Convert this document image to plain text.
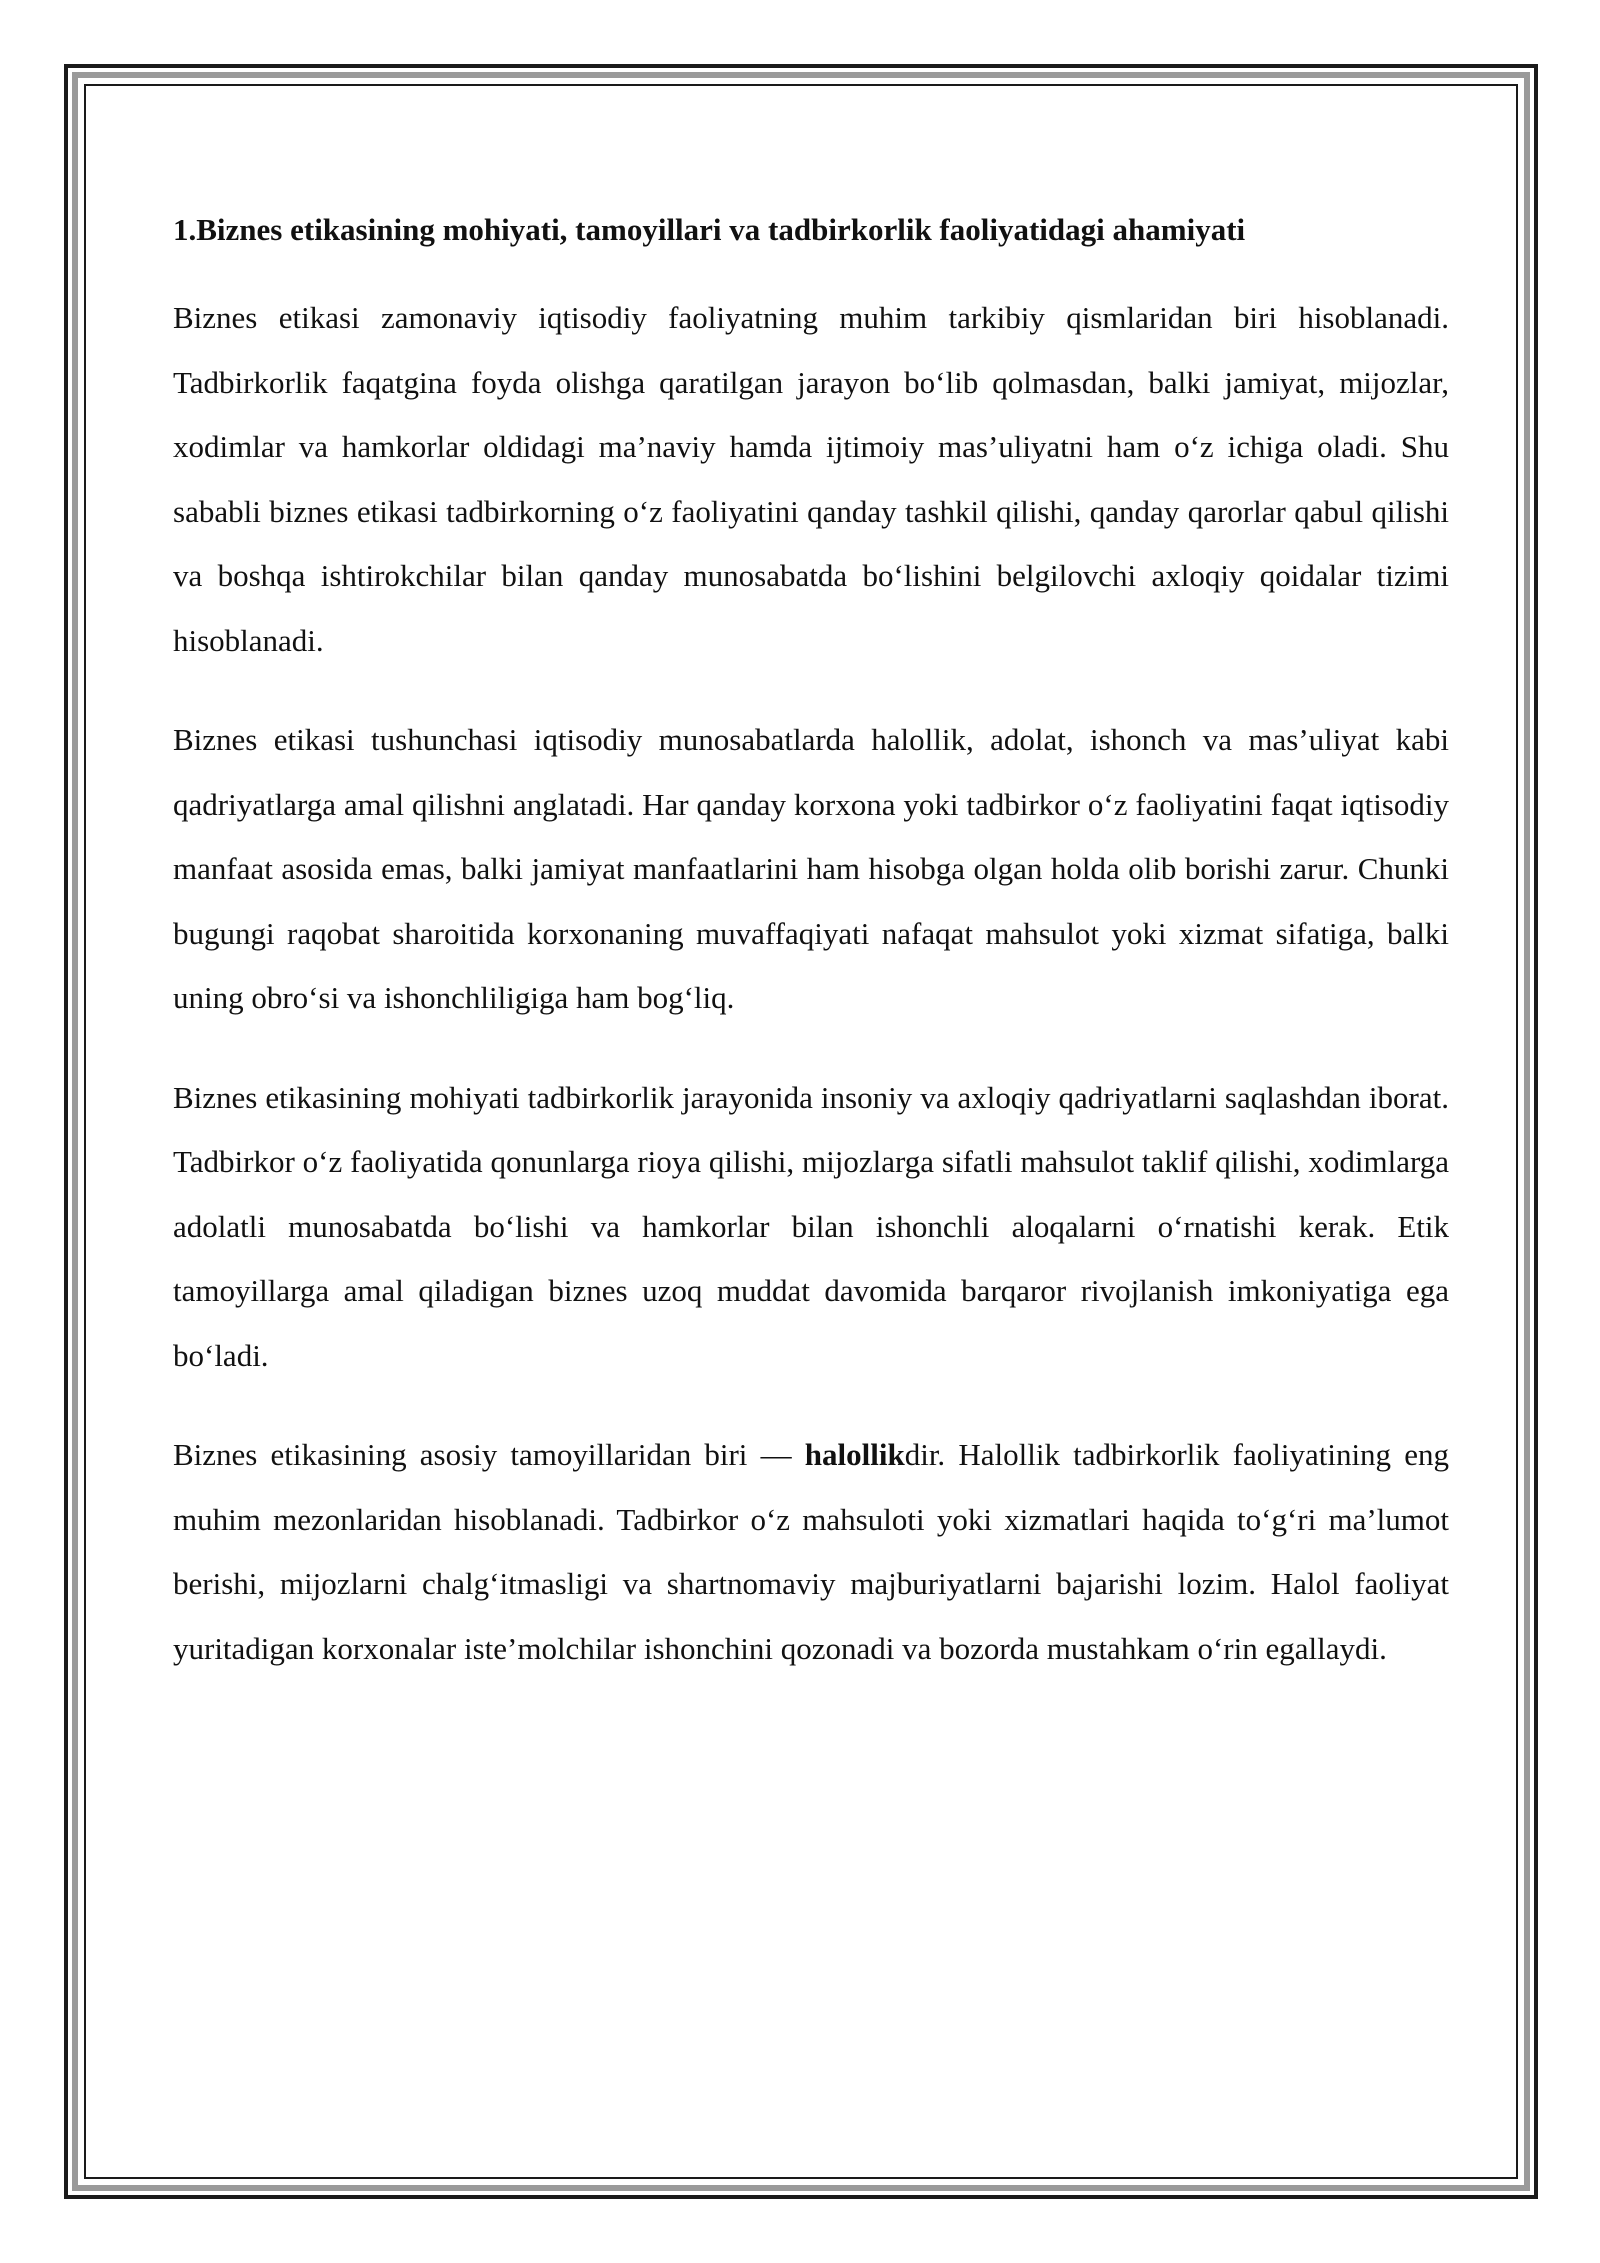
1.Biznes etikasining mohiyati, tamoyillari va tadbirkorlik faoliyatidagi ahamiyati

Biznes etikasi zamonaviy iqtisodiy faoliyatning muhim tarkibiy qismlaridan biri hisoblanadi. Tadbirkorlik faqatgina foyda olishga qaratilgan jarayon bo‘lib qolmasdan, balki jamiyat, mijozlar, xodimlar va hamkorlar oldidagi ma’naviy hamda ijtimoiy mas’uliyatni ham o‘z ichiga oladi. Shu sababli biznes etikasi tadbirkorning o‘z faoliyatini qanday tashkil qilishi, qanday qarorlar qabul qilishi va boshqa ishtirokchilar bilan qanday munosabatda bo‘lishini belgilovchi axloqiy qoidalar tizimi hisoblanadi.

Biznes etikasi tushunchasi iqtisodiy munosabatlarda halollik, adolat, ishonch va mas’uliyat kabi qadriyatlarga amal qilishni anglatadi. Har qanday korxona yoki tadbirkor o‘z faoliyatini faqat iqtisodiy manfaat asosida emas, balki jamiyat manfaatlarini ham hisobga olgan holda olib borishi zarur. Chunki bugungi raqobat sharoitida korxonaning muvaffaqiyati nafaqat mahsulot yoki xizmat sifatiga, balki uning obro‘si va ishonchliligiga ham bog‘liq.

Biznes etikasining mohiyati tadbirkorlik jarayonida insoniy va axloqiy qadriyatlarni saqlashdan iborat. Tadbirkor o‘z faoliyatida qonunlarga rioya qilishi, mijozlarga sifatli mahsulot taklif qilishi, xodimlarga adolatli munosabatda bo‘lishi va hamkorlar bilan ishonchli aloqalarni o‘rnatishi kerak. Etik tamoyillarga amal qiladigan biznes uzoq muddat davomida barqaror rivojlanish imkoniyatiga ega bo‘ladi.

Biznes etikasining asosiy tamoyillaridan biri — halollikdir. Halollik tadbirkorlik faoliyatining eng muhim mezonlaridan hisoblanadi. Tadbirkor o‘z mahsuloti yoki xizmatlari haqida to‘g‘ri ma’lumot berishi, mijozlarni chalg‘itmasligi va shartnomaviy majburiyatlarni bajarishi lozim. Halol faoliyat yuritadigan korxonalar iste’molchilar ishonchini qozonadi va bozorda mustahkam o‘rin egallaydi.
